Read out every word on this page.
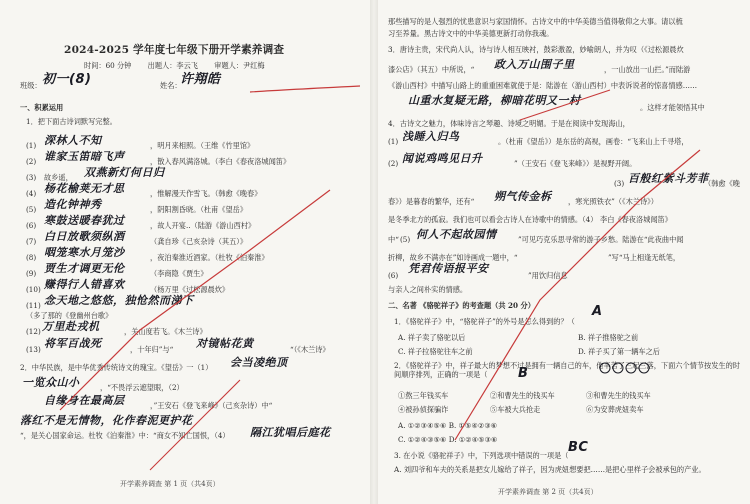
2024-2025 学年度七年级下册开学素养调查
时间：60 分钟 出题人：李云飞 审题人：尹红梅
班级： 初一(8)	姓名：
许翔皓
一、积累运用
1．把下面古诗词默写完整。
(1) 深林人不知	，明月来相照。（王维《竹里馆》
(2) 谁家玉笛暗飞声	，散入春风满洛城。（李白《春夜洛城闻笛》
(3) 故乡遥， 双燕新灯何日归
(4) 杨花榆荚无才思	，惟解漫天作雪飞。（韩愈《晚春》
(5) 造化钟神秀	，阴阳割昏晓。（杜甫《望岳》
(6) 寒鼓送暖春犹过	，故人开宴..（陆游《游山西村》
(7) 白日放歌须纵酒	（龚自珍《己亥杂诗（其五）》
(8) 咽笼寒水月笼沙	，夜泊秦淮近酒家。（杜牧《泊秦淮》
(9) 贾生才调更无伦	（李商隐《贾生》
(10) 赚得行人错喜欢	（杨万里《过松源晨炊》
(11) 念天地之悠悠，独怆然而涕下
（多了那的《登幽州台歌》
(12) 万里赴戎机	，关山度若飞。《木兰诗》
(13) 将军百战死	，十年归”与“ 对镜帖花黄	“（《木兰诗》
2．中华民族，是中华优秀传统诗文的瑰宝。《望岳》一（1）	会当凌绝顶
一览众山小	，“不畏浮云遮望眼，（2）
自缘身在最高层	，”王安石《登飞来峰》（己亥杂诗）中“
落红不是无情物，化作春泥更护花
“，是关心国家命运。杜牧《泊秦淮》中：“商女不知亡国恨，（4） 隔江犹唱后庭花
开学素养调查 第 1 页（共4页）
那些描写的是人强烈的忧患意识与家国情怀。古诗文中的中华美德当值得敬仰之大事。请以梳
习至养量。黑古诗文中的中华美德更新打动你我魂。
3．唐诗主贵，宋代尚人认，诗与诗人相互映衬，鼓彩激盈，妙喻朗人，并为叹（《过松源晨炊
漆公店》（其五）中所说，“ 政入万山围子里	，一山放出一山拦。”而陆游
《游山西村》中描写山路上的重重困难就使于是：陆游在（游山西村）中表诉说者的惊喜情感……
山重水复疑无路，柳暗花明又一村
。这样才能领悟其中
4．古诗文之魅力，体味诗言之琴趣、诗境之明媚。于是在阅读中发现海山，
(1) 浅睡入归鸟	。（杜甫《望岳》）是东岳的高视，画卷：“飞来山上千寻塔，
(2) 闻说鸡鸣见日升	”（王安石《登飞来峰》）是视野开阔。
(3) 百般红紫斗芳菲
（韩愈《晚
春》）是暮春的繁华，还有“ 朔气传金柝 ，寒光照铁衣”（《木兰诗》）
是冬季北方的孤寂。我们也可以看会古诗人在诗歌中的情感。（4） 李白《春夜洛城闻笛》
中“ (5) 何人不起故园情	”可见巧克乐思寻常的游子乡愁。陆游在“此夜曲中闻
折柳，故乡不满亦在”如诗画成一题中，“	”写“马上相逢无纸笔，
(6)
凭君传语报平安
”用饮归信息
与亲人之间朴实的情感。
二、名著 《骆驼祥子》的考查题（共 20 分）
1．《骆驼祥子》中，“骆驼祥子”的外号是怎么得到的？（
A
A. 祥子卖了骆驼以后	B. 祥子推骆驼之前
C. 祥子拉骆驼往车之前	D. 祥子买了第一辆车之后
2．《骆驼祥子》中，祥子最大的梦想不过是拥有一辆自己的车，他辛苦了三起三落，下面六个情节按发生的时间顺序排列，正确的一项是（	B
①熬三年钱买车	②和曹先生的钱买车	③和曹先生的钱买车
④被孙侦探骗诈	⑤车被大兵抢走	⑥为安葬虎妞卖车
A. ①②③④⑤⑥ B. ①⑤④②③⑥
C. ①②④③⑤⑥ D. ①②④⑤③⑥
3. 在小说《骆驼祥子》中，下列选项中错误的一项是（
BC
A. 刘四爷和车夫的关系是把女儿嫁给了祥子，因为虎妞想要把……是把心里样子会被承包的产业。
开学素养调查 第 2 页（共4页）
